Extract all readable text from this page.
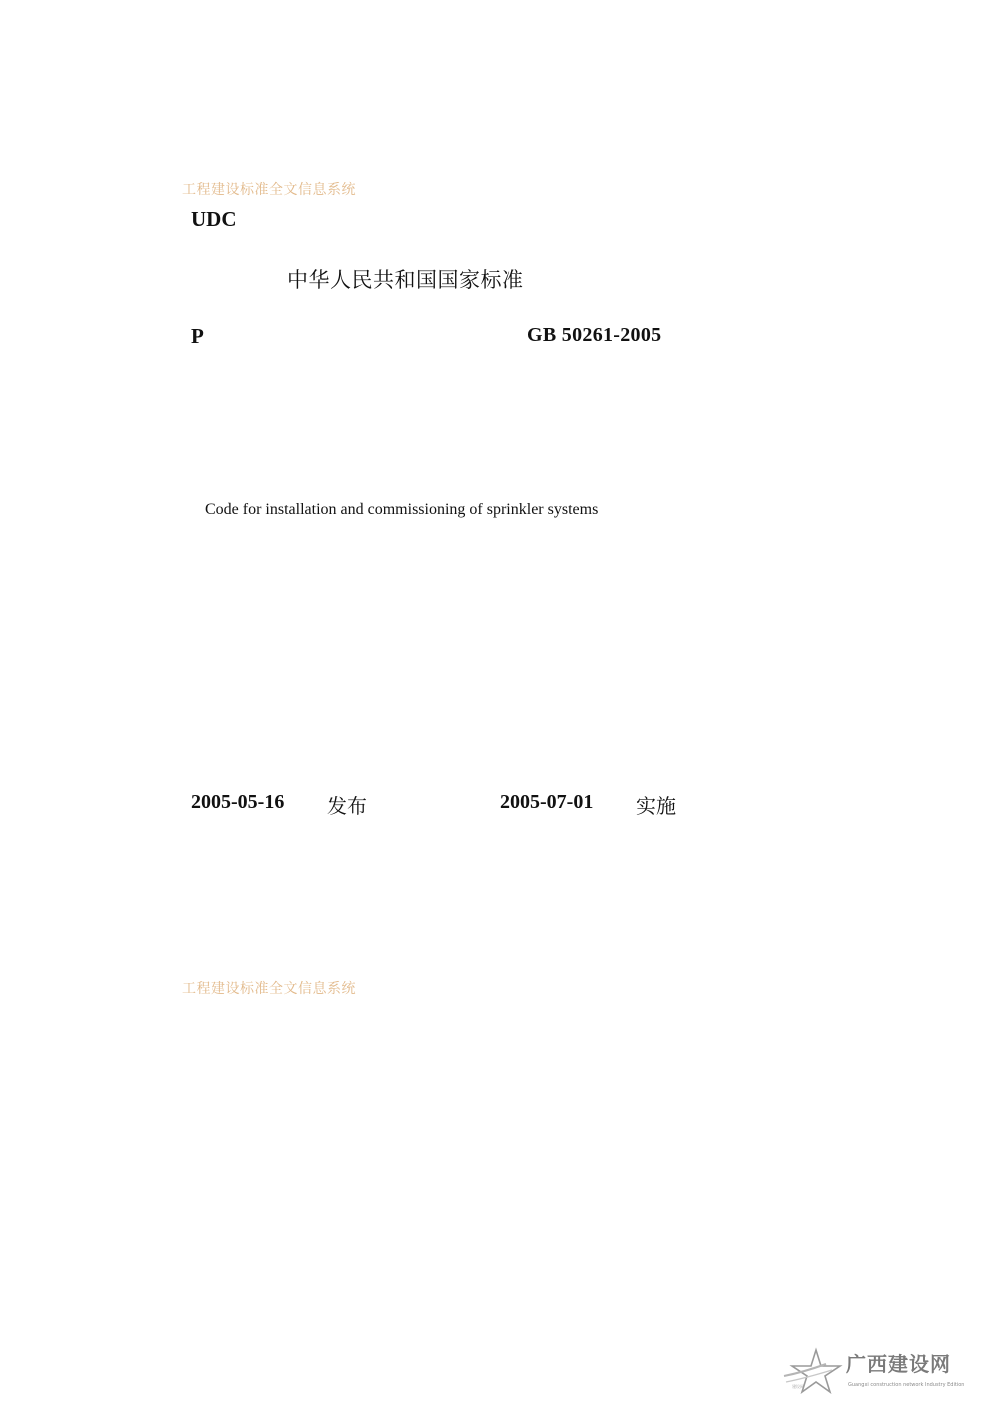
工程建设标准全文信息系统
UDC
中华人民共和国国家标准
P	GB 50261-2005
Code for installation and commissioning of sprinkler systems
2005-05-16 发布	2005-07-01 实施
工程建设标准全文信息系统
建设网
广西建设网
Guangxi construction network Industry Edition
